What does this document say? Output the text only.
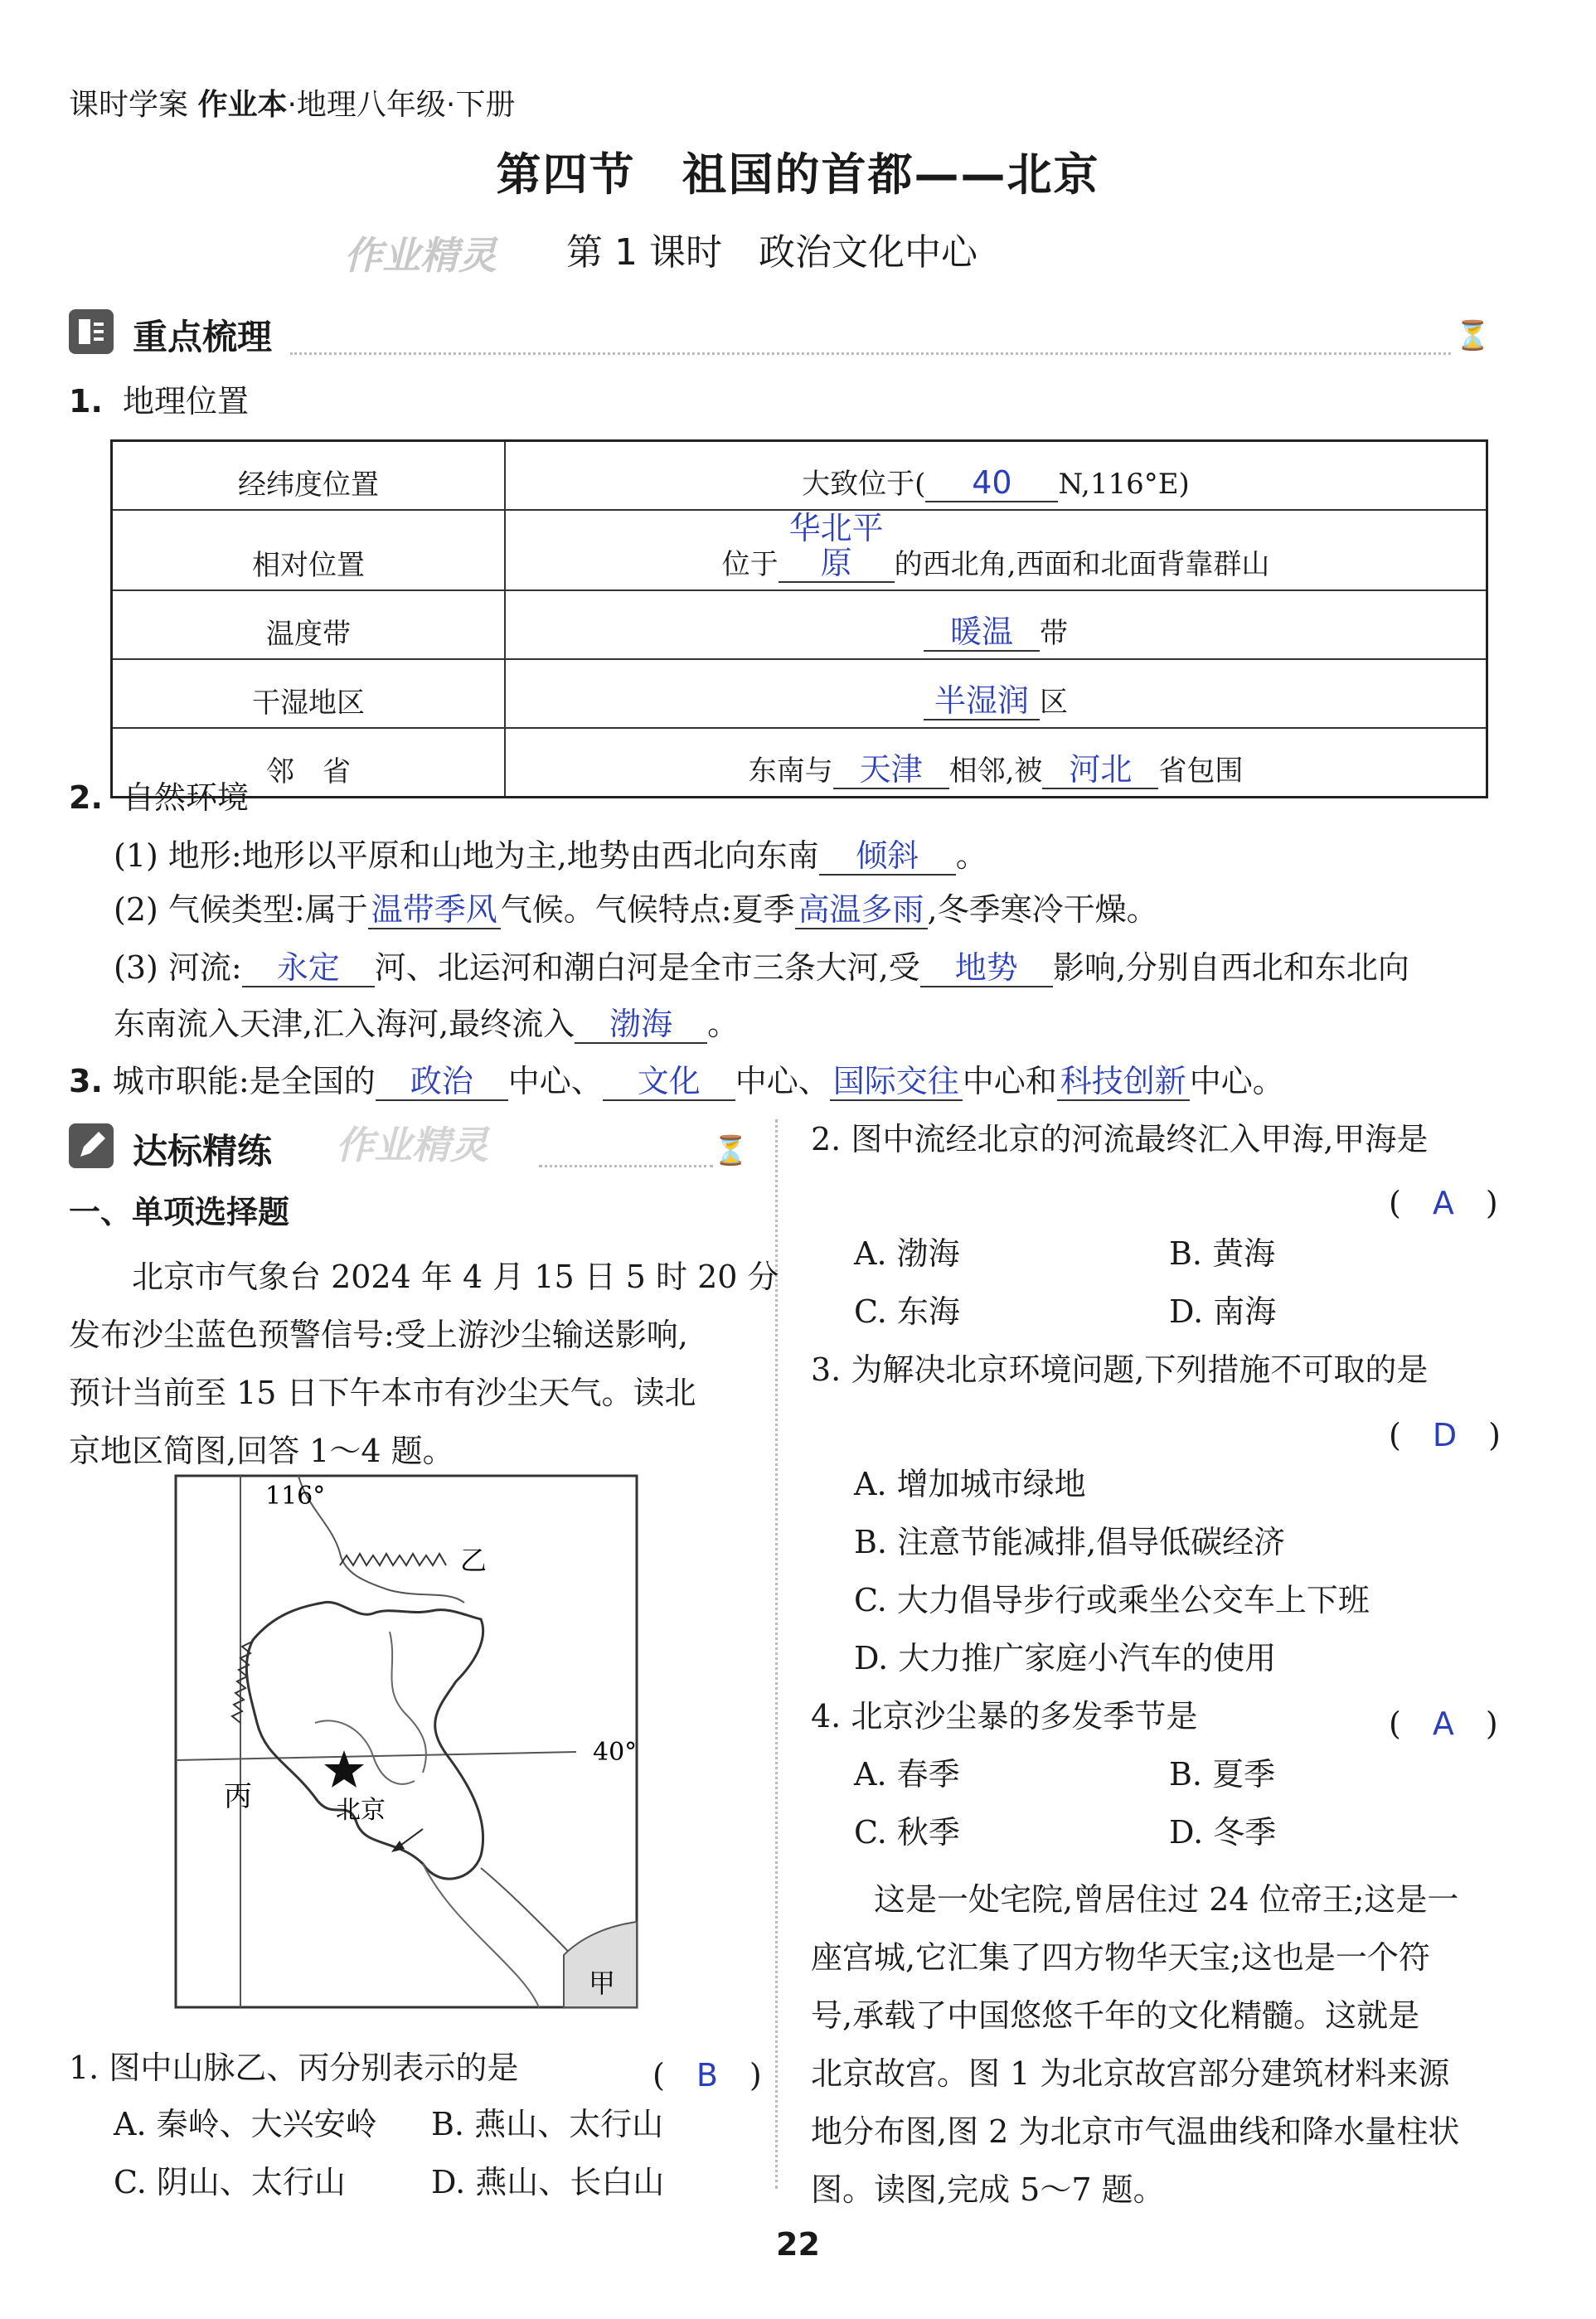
课时学案 作业本·地理八年级·下册
第四节　祖国的首都——北京
作业精灵 第 1 课时　政治文化中心
重点梳理	⏳
1. 地理位置
经纬度位置	大致位于( 40 N,116°E)
相对位置	位于华北平原 的西北角,西面和北面背靠群山
温度带	暖温 带
干湿地区	半湿润 区
邻　省	东南与 天津 相邻,被 河北 省包围
2. 自然环境
(1) 地形:地形以平原和山地为主,地势由西北向东南 倾斜 。
(2) 气候类型:属于 温带季风 气候。气候特点:夏季 高温多雨 ,冬季寒冷干燥。
(3) 河流: 永定 河、北运河和潮白河是全市三条大河,受 地势 影响,分别自西北和东北向
东南流入天津,汇入海河,最终流入 渤海 。
3. 城市职能:是全国的 政治 中心、 文化 中心、 国际交往 中心和 科技创新 中心。
达标精练 作业精灵	⏳
一、单项选择题
北京市气象台 2024 年 4 月 15 日 5 时 20 分
发布沙尘蓝色预警信号:受上游沙尘输送影响,
预计当前至 15 日下午本市有沙尘天气。读北
京地区简图,回答 1～4 题。
116°
40°
乙
丙	北京
甲
1. 图中山脉乙、丙分别表示的是	(　B　)
A. 秦岭、大兴安岭 B. 燕山、太行山
C. 阴山、太行山	D. 燕山、长白山
2. 图中流经北京的河流最终汇入甲海,甲海是
(　A　)
A. 渤海	B. 黄海
C. 东海	D. 南海
3. 为解决北京环境问题,下列措施不可取的是
(　D　)
A. 增加城市绿地
B. 注意节能减排,倡导低碳经济
C. 大力倡导步行或乘坐公交车上下班
D. 大力推广家庭小汽车的使用
4. 北京沙尘暴的多发季节是	(　A　)
A. 春季	B. 夏季
C. 秋季	D. 冬季
这是一处宅院,曾居住过 24 位帝王;这是一
座宫城,它汇集了四方物华天宝;这也是一个符
号,承载了中国悠悠千年的文化精髓。这就是
北京故宫。图 1 为北京故宫部分建筑材料来源
地分布图,图 2 为北京市气温曲线和降水量柱状
图。读图,完成 5～7 题。
22
